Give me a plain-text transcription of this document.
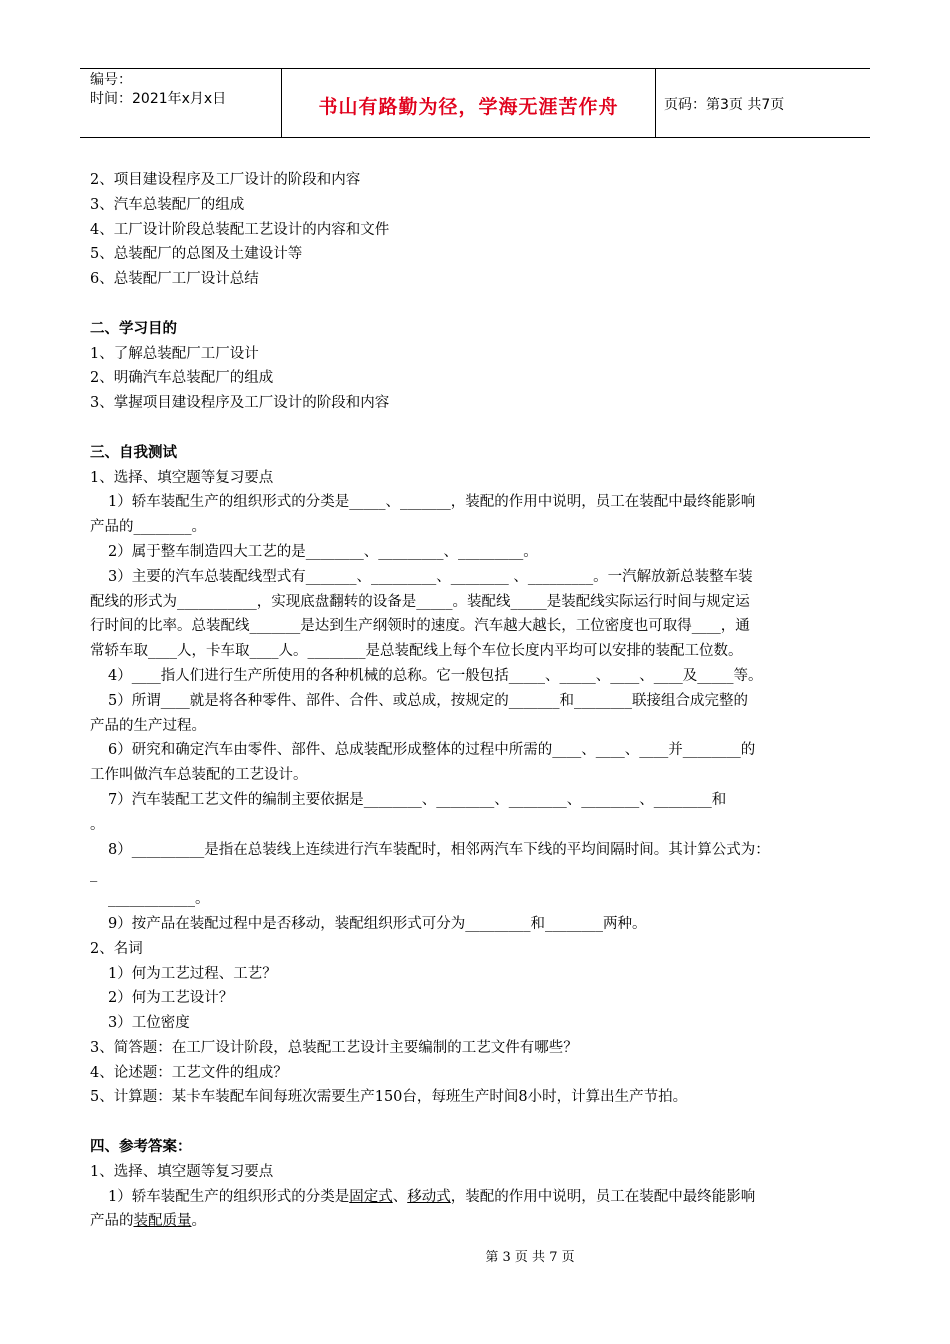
编号：
时间：2021年x月x日	书山有路勤为径，学海无涯苦作舟	页码：第3页 共7页

2、项目建设程序及工厂设计的阶段和内容

3、汽车总装配厂的组成

4、工厂设计阶段总装配工艺设计的内容和文件

5、总装配厂的总图及土建设计等

6、总装配厂工厂设计总结

二、学习目的

1、了解总装配厂工厂设计

2、明确汽车总装配厂的组成

3、掌握项目建设程序及工厂设计的阶段和内容

三、自我测试

1、选择、填空题等复习要点

1）轿车装配生产的组织形式的分类是_____、_______，装配的作用中说明，员工在装配中最终能影响

产品的________。

2）属于整车制造四大工艺的是________、_________、_________。

3）主要的汽车总装配线型式有_______、_________、________ 、_________。一汽解放新总装整车装

配线的形式为___________，实现底盘翻转的设备是_____。装配线_____是装配线实际运行时间与规定运

行时间的比率。总装配线_______是达到生产纲领时的速度。汽车越大越长，工位密度也可取得____，通

常轿车取____人，卡车取____人。________是总装配线上每个车位长度内平均可以安排的装配工位数。

4）____指人们进行生产所使用的各种机械的总称。它一般包括_____、_____、____、____及_____等。

5）所谓____就是将各种零件、部件、合件、或总成，按规定的_______和________联接组合成完整的

产品的生产过程。

6）研究和确定汽车由零件、部件、总成装配形成整体的过程中所需的____、____、____并________的

工作叫做汽车总装配的工艺设计。

7）汽车装配工艺文件的编制主要依据是________、________、________、________、________和

。

8）__________是指在总装线上连续进行汽车装配时，相邻两汽车下线的平均间隔时间。其计算公式为：

_

____________。

9）按产品在装配过程中是否移动，装配组织形式可分为_________和________两种。

2、名词

1）何为工艺过程、工艺？

2）何为工艺设计？

3）工位密度

3、简答题：在工厂设计阶段，总装配工艺设计主要编制的工艺文件有哪些？

4、论述题：工艺文件的组成？

5、计算题：某卡车装配车间每班次需要生产150台，每班生产时间8小时，计算出生产节拍。

四、参考答案：

1、选择、填空题等复习要点

1）轿车装配生产的组织形式的分类是固定式、移动式，装配的作用中说明，员工在装配中最终能影响

产品的装配质量。

第 3 页 共 7 页
